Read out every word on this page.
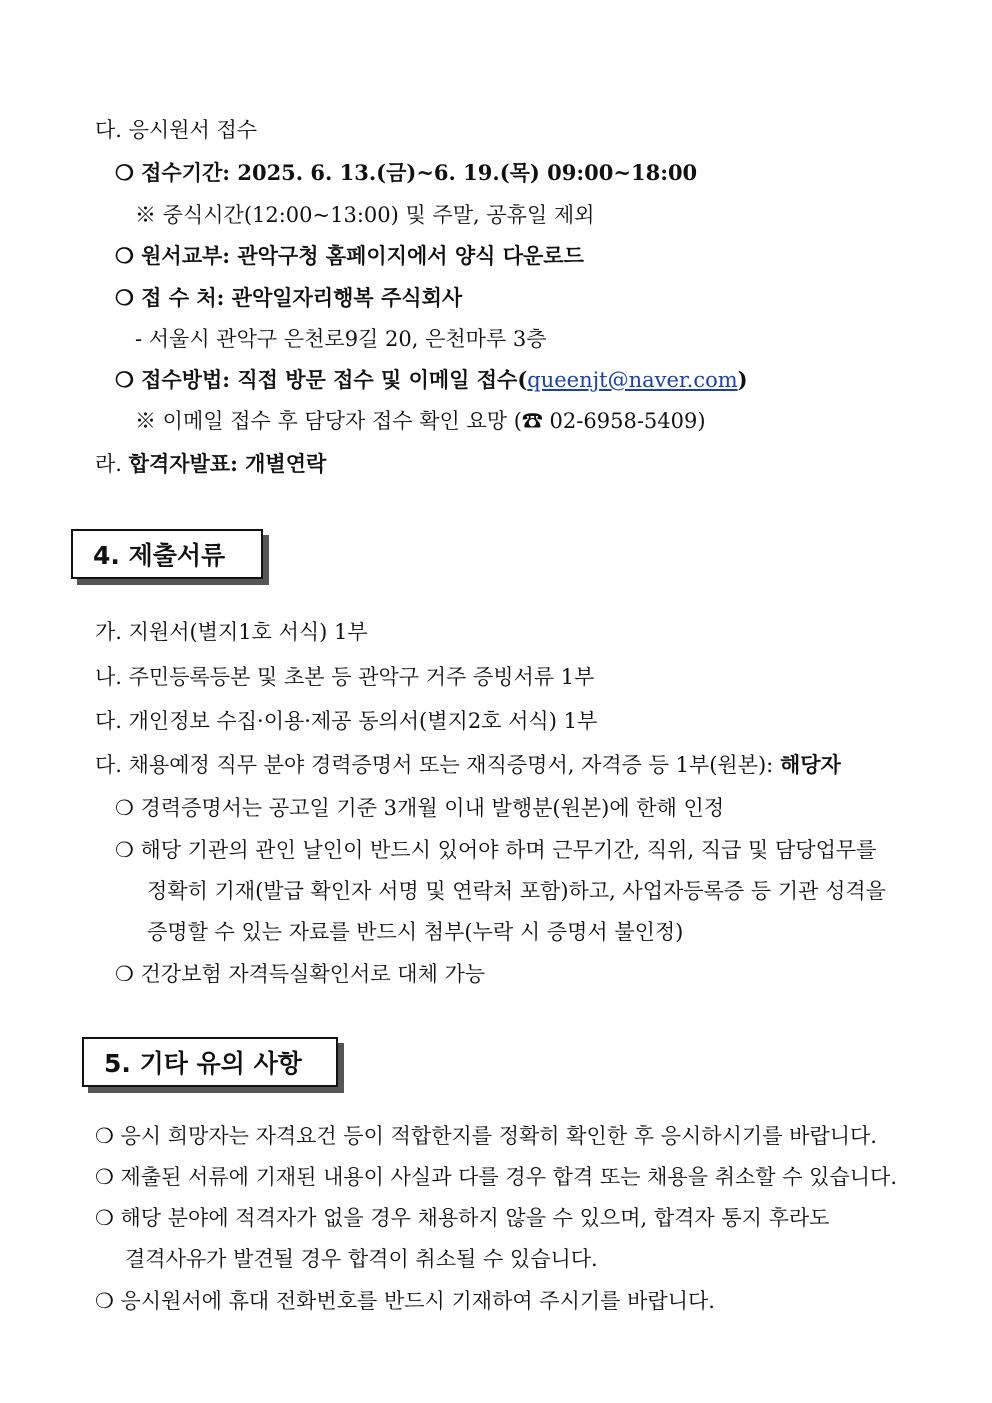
다. 응시원서 접수
❍ 접수기간: 2025. 6. 13.(금)~6. 19.(목) 09:00~18:00
※ 중식시간(12:00~13:00) 및 주말, 공휴일 제외
❍ 원서교부: 관악구청 홈페이지에서 양식 다운로드
❍ 접 수 처: 관악일자리행복 주식회사
- 서울시 관악구 은천로9길 20, 은천마루 3층
❍ 접수방법: 직접 방문 접수 및 이메일 접수(queenjt@naver.com)
※ 이메일 접수 후 담당자 접수 확인 요망 (☎ 02-6958-5409)
라. 합격자발표: 개별연락
4. 제출서류
가. 지원서(별지1호 서식) 1부
나. 주민등록등본 및 초본 등 관악구 거주 증빙서류 1부
다. 개인정보 수집·이용·제공 동의서(별지2호 서식) 1부
다. 채용예정 직무 분야 경력증명서 또는 재직증명서, 자격증 등 1부(원본): 해당자
❍ 경력증명서는 공고일 기준 3개월 이내 발행분(원본)에 한해 인정
❍ 해당 기관의 관인 날인이 반드시 있어야 하며 근무기간, 직위, 직급 및 담당업무를
정확히 기재(발급 확인자 서명 및 연락처 포함)하고, 사업자등록증 등 기관 성격을
증명할 수 있는 자료를 반드시 첨부(누락 시 증명서 불인정)
❍ 건강보험 자격득실확인서로 대체 가능
5. 기타 유의 사항
❍ 응시 희망자는 자격요건 등이 적합한지를 정확히 확인한 후 응시하시기를 바랍니다.
❍ 제출된 서류에 기재된 내용이 사실과 다를 경우 합격 또는 채용을 취소할 수 있습니다.
❍ 해당 분야에 적격자가 없을 경우 채용하지 않을 수 있으며, 합격자 통지 후라도
결격사유가 발견될 경우 합격이 취소될 수 있습니다.
❍ 응시원서에 휴대 전화번호를 반드시 기재하여 주시기를 바랍니다.
